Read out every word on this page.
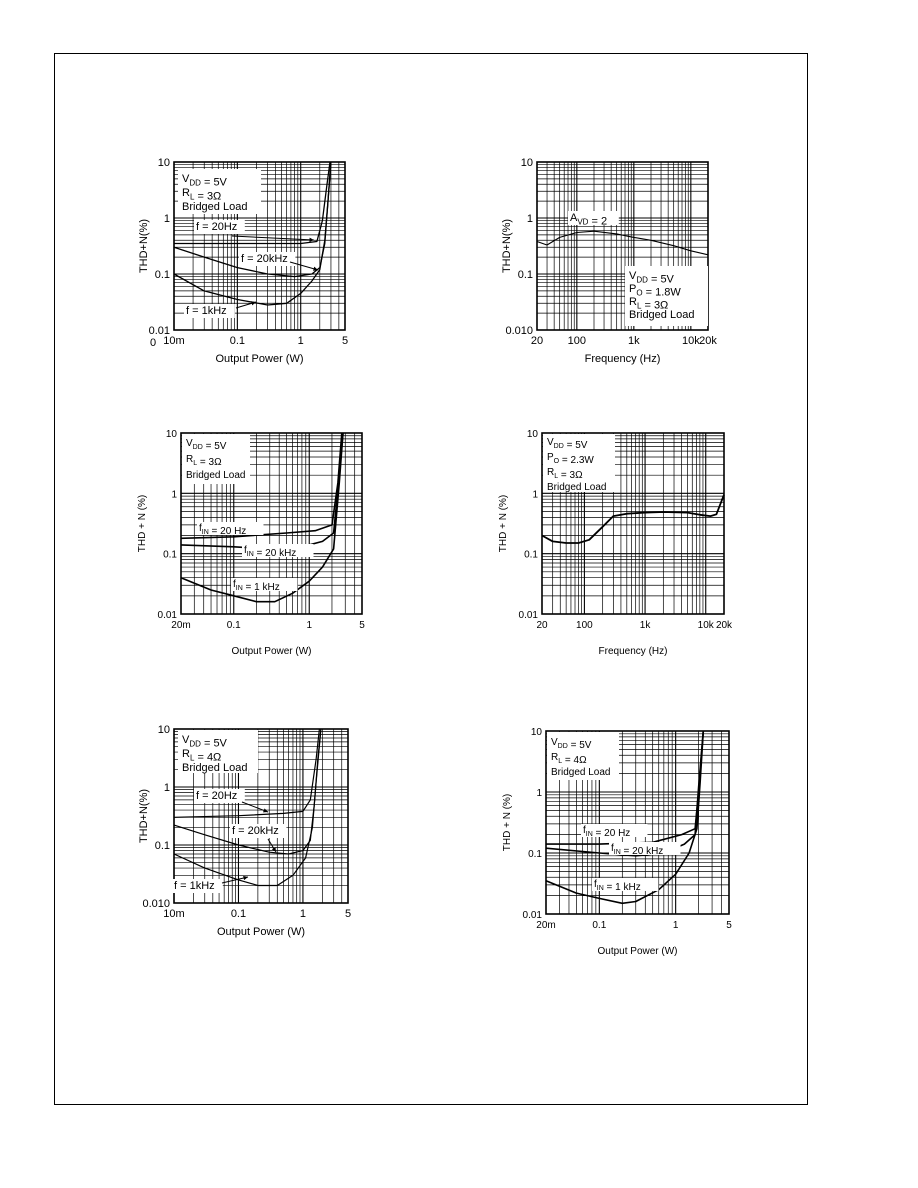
$V_{DD} = 5V$
$R_L = 3\Omega$
Bridged Load
f = 20Hz
f = 20kHz
f = 1kHz
10m	0.1	1	5
10
1
0.1
0.01
0
Output Power (W)
THD+N(%)
$V_{DD} = 5V$
$P_O = 1.8W$
$R_L = 3\Omega$
Bridged Load
$A_{VD} = 2$
20 100	1k	10k 20k
10
1
0.1
0.010
Frequency (Hz)
THD+N(%)
$V_{DD} = 5V$
$R_L = 3\Omega$
Bridged Load
$f_{IN} = 20$ Hz
$f_{IN} = 20$ kHz
$f_{IN} = 1$ kHz
20m	0.1	1	5
10
1
0.1
0.01
Output Power (W)
THD + N (%)
$V_{DD} = 5V$
$P_O = 2.3W$
$R_L = 3\Omega$
Bridged Load
20	100	1k	10k 20k
10
1
0.1
0.01
Frequency (Hz)
THD + N (%)
$V_{DD} = 5V$
$R_L = 4\Omega$
Bridged Load
f = 20Hz
f = 20kHz
f = 1kHz
10m	0.1	1	5
10
1
0.1
0.010
Output Power (W)
THD+N(%)
$V_{DD} = 5V$
$R_L = 4\Omega$
Bridged Load
$f_{IN} = 20$ Hz
$f_{IN} = 20$ kHz
$f_{IN} = 1$ kHz
20m	0.1	1	5
10
1
0.1
0.01
Output Power (W)
THD + N (%)
